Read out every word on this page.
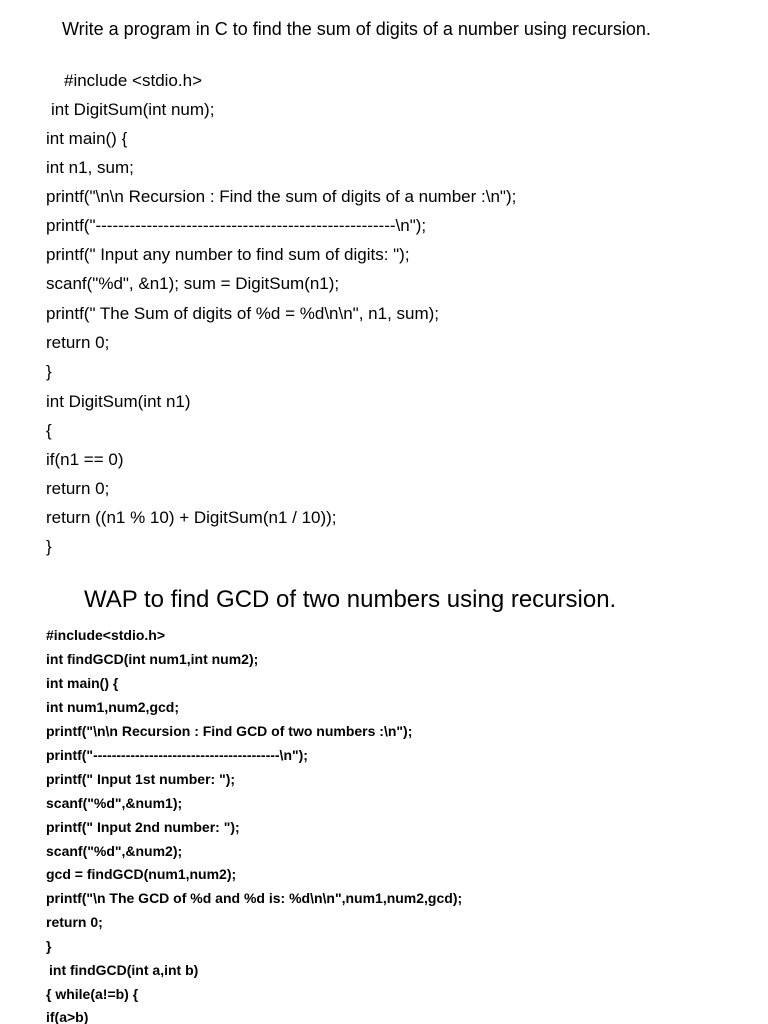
Write a program in C to find the sum of digits of a number using recursion.
#include <stdio.h>
int DigitSum(int num);
int main() {
int n1, sum;
printf("\n\n Recursion : Find the sum of digits of a number :\n");
printf("-----------------------------------------------------\n");
printf(" Input any number to find sum of digits: ");
scanf("%d", &n1); sum = DigitSum(n1);
printf(" The Sum of digits of %d = %d\n\n", n1, sum);
return 0;
}
int DigitSum(int n1)
{
if(n1 == 0)
return 0;
return ((n1 % 10) + DigitSum(n1 / 10));
}
WAP to find GCD of two numbers using recursion.
#include<stdio.h>
int findGCD(int num1,int num2);
int main() {
int num1,num2,gcd;
printf("\n\n Recursion : Find GCD of two numbers :\n");
printf("----------------------------------------\n");
printf(" Input 1st number: ");
scanf("%d",&num1);
printf(" Input 2nd number: ");
scanf("%d",&num2);
gcd = findGCD(num1,num2);
printf("\n The GCD of %d and %d is: %d\n\n",num1,num2,gcd);
return 0;
}
int findGCD(int a,int b)
{ while(a!=b) {
if(a>b)
